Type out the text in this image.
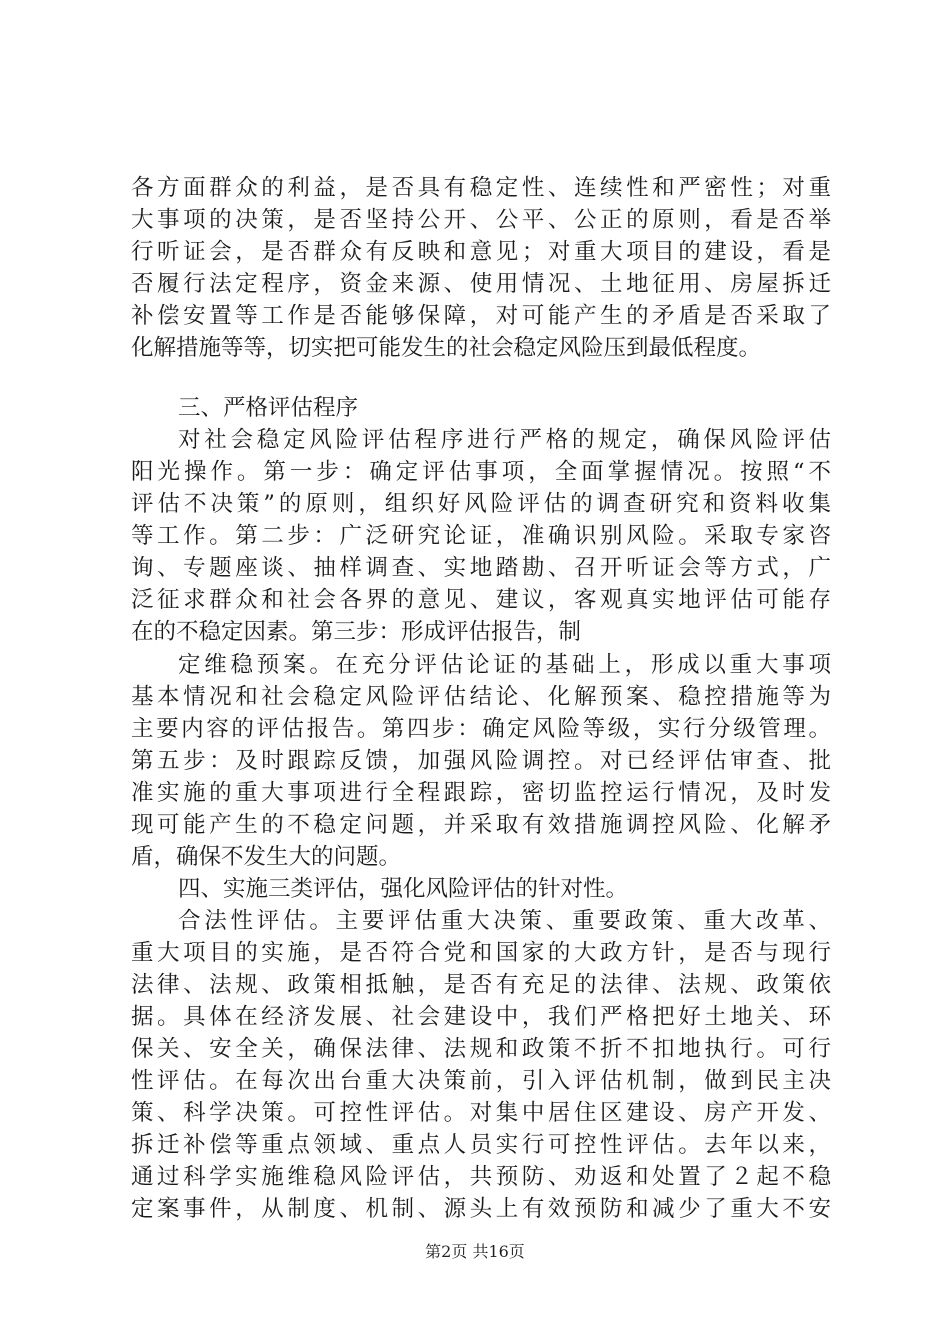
各方面群众的利益，是否具有稳定性、连续性和严密性；对重
大事项的决策，是否坚持公开、公平、公正的原则，看是否举
行听证会，是否群众有反映和意见；对重大项目的建设，看是
否履行法定程序，资金来源、使用情况、土地征用、房屋拆迁
补偿安置等工作是否能够保障，对可能产生的矛盾是否采取了
化解措施等等，切实把可能发生的社会稳定风险压到最低程度。
三、严格评估程序
对社会稳定风险评估程序进行严格的规定，确保风险评估
阳光操作。第一步：确定评估事项，全面掌握情况。按照“不
评估不决策”的原则，组织好风险评估的调查研究和资料收集
等工作。第二步：广泛研究论证，准确识别风险。采取专家咨
询、专题座谈、抽样调查、实地踏勘、召开听证会等方式，广
泛征求群众和社会各界的意见、建议，客观真实地评估可能存
在的不稳定因素。第三步：形成评估报告，制
定维稳预案。在充分评估论证的基础上，形成以重大事项
基本情况和社会稳定风险评估结论、化解预案、稳控措施等为
主要内容的评估报告。第四步：确定风险等级，实行分级管理。
第五步：及时跟踪反馈，加强风险调控。对已经评估审查、批
准实施的重大事项进行全程跟踪，密切监控运行情况，及时发
现可能产生的不稳定问题，并采取有效措施调控风险、化解矛
盾，确保不发生大的问题。
四、实施三类评估，强化风险评估的针对性。
合法性评估。主要评估重大决策、重要政策、重大改革、
重大项目的实施，是否符合党和国家的大政方针，是否与现行
法律、法规、政策相抵触，是否有充足的法律、法规、政策依
据。具体在经济发展、社会建设中，我们严格把好土地关、环
保关、安全关，确保法律、法规和政策不折不扣地执行。可行
性评估。在每次出台重大决策前，引入评估机制，做到民主决
策、科学决策。可控性评估。对集中居住区建设、房产开发、
拆迁补偿等重点领域、重点人员实行可控性评估。去年以来，
通过科学实施维稳风险评估，共预防、劝返和处置了２起不稳
定案事件，从制度、机制、源头上有效预防和减少了重大不安
第2页 共16页
